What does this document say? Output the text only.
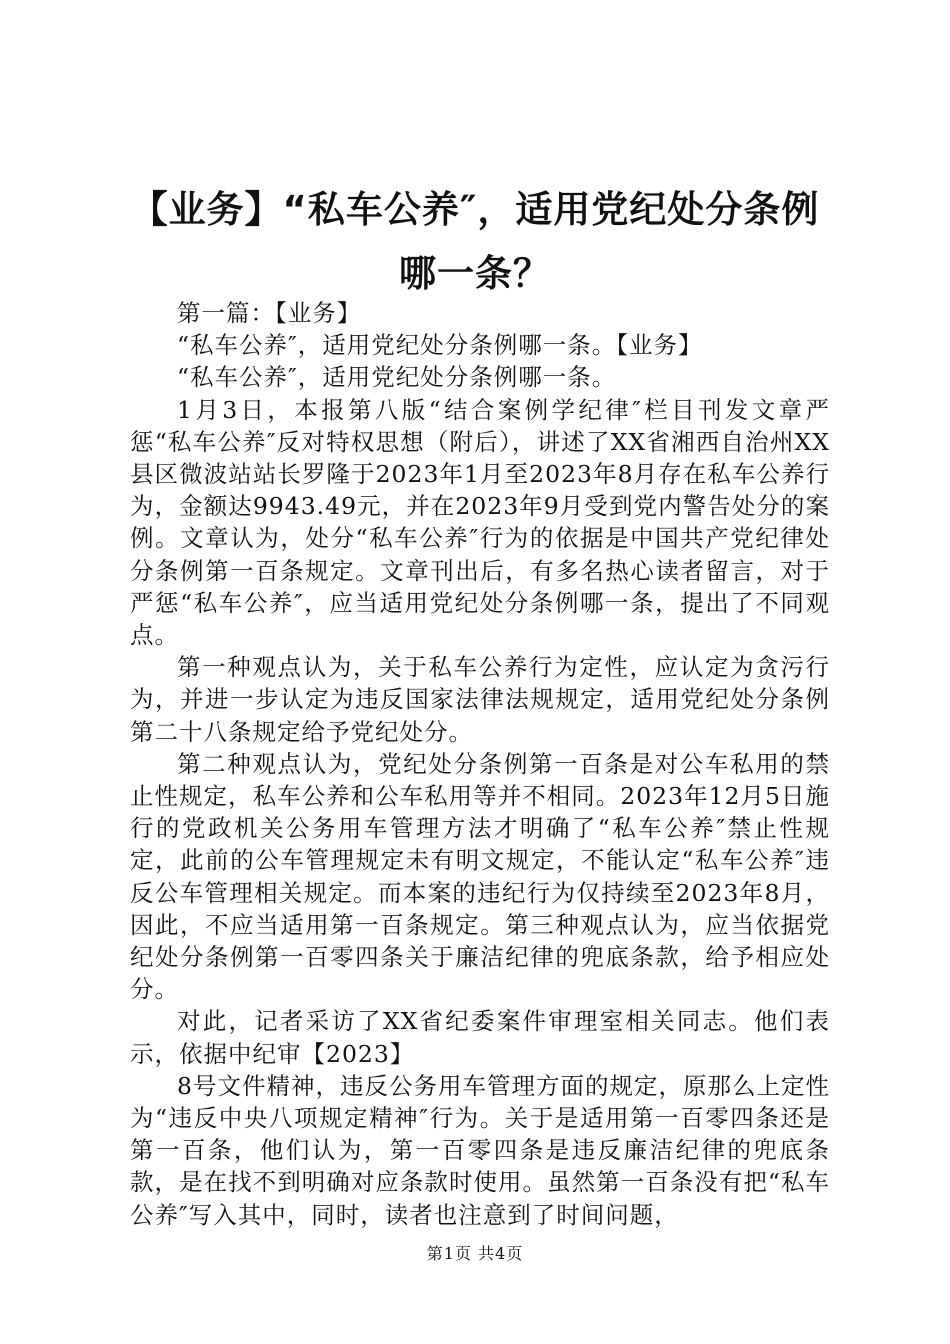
【业务】“私车公养″，适用党纪处分条例哪一条？

第一篇：【业务】

“私车公养″，适用党纪处分条例哪一条。【业务】

“私车公养″，适用党纪处分条例哪一条。

1月3日，本报第八版“结合案例学纪律″栏目刊发文章严惩“私车公养″反对特权思想（附后），讲述了XX省湘西自治州XX县区微波站站长罗隆于2023年1月至2023年8月存在私车公养行为，金额达9943.49元，并在2023年9月受到党内警告处分的案例。文章认为，处分“私车公养″行为的依据是中国共产党纪律处分条例第一百条规定。文章刊出后，有多名热心读者留言，对于严惩“私车公养″，应当适用党纪处分条例哪一条，提出了不同观点。

第一种观点认为，关于私车公养行为定性，应认定为贪污行为，并进一步认定为违反国家法律法规规定，适用党纪处分条例第二十八条规定给予党纪处分。

第二种观点认为，党纪处分条例第一百条是对公车私用的禁止性规定，私车公养和公车私用等并不相同。2023年12月5日施行的党政机关公务用车管理方法才明确了“私车公养″禁止性规定，此前的公车管理规定未有明文规定，不能认定“私车公养″违反公车管理相关规定。而本案的违纪行为仅持续至2023年8月，因此，不应当适用第一百条规定。第三种观点认为，应当依据党纪处分条例第一百零四条关于廉洁纪律的兜底条款，给予相应处分。

对此，记者采访了XX省纪委案件审理室相关同志。他们表示，依据中纪审【2023】

8号文件精神，违反公务用车管理方面的规定，原那么上定性为“违反中央八项规定精神″行为。关于是适用第一百零四条还是第一百条，他们认为，第一百零四条是违反廉洁纪律的兜底条款，是在找不到明确对应条款时使用。虽然第一百条没有把“私车公养″写入其中，同时，读者也注意到了时间问题，

第1页 共4页
